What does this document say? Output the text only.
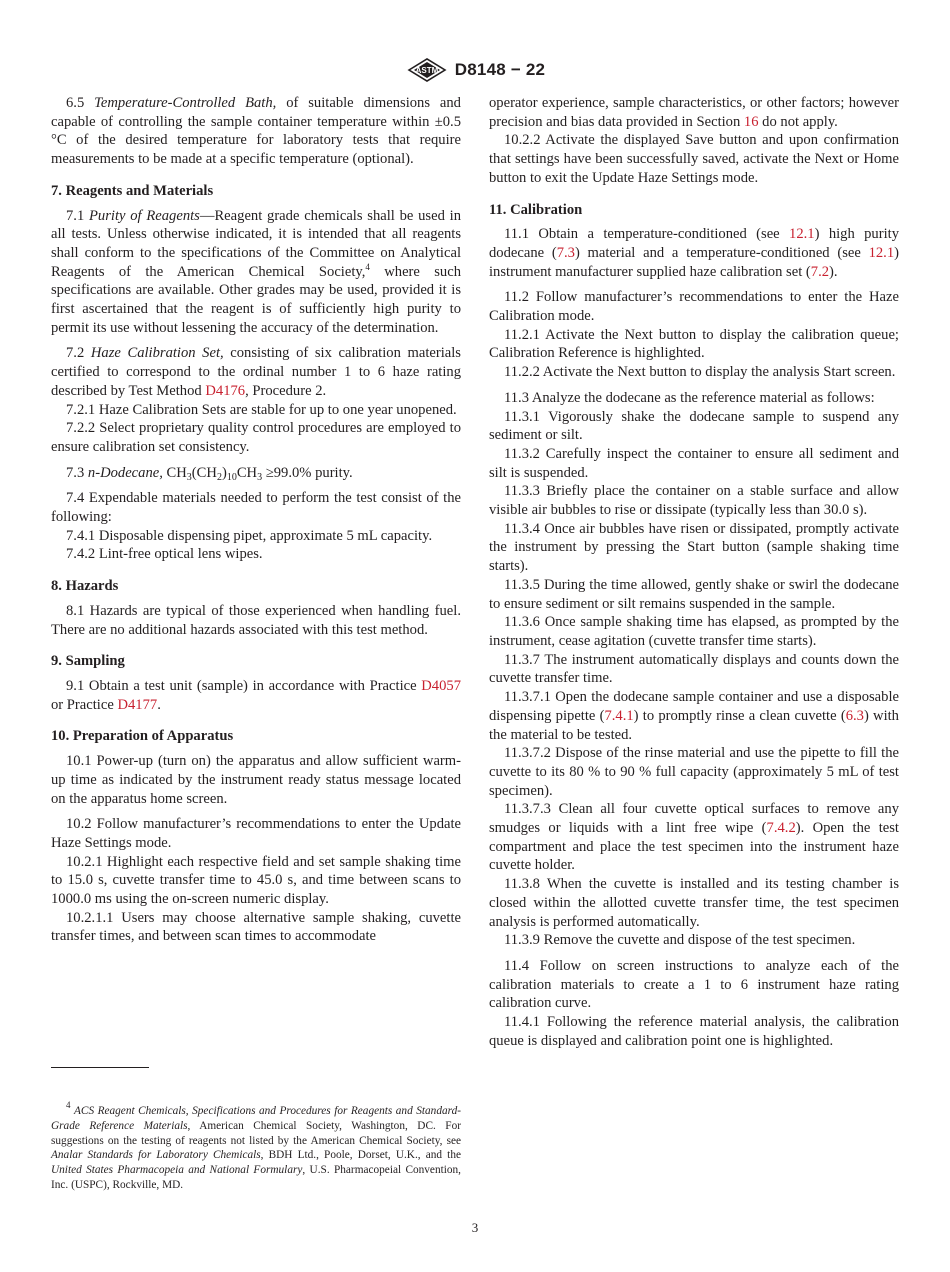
ASTM D8148 − 22

6.5 Temperature-Controlled Bath, of suitable dimensions and capable of controlling the sample container temperature within ±0.5 °C of the desired temperature for laboratory tests that require measurements to be made at a specific temperature (optional).

7. Reagents and Materials

7.1 Purity of Reagents—Reagent grade chemicals shall be used in all tests. Unless otherwise indicated, it is intended that all reagents shall conform to the specifications of the Committee on Analytical Reagents of the American Chemical Society,$^4$ where such specifications are available. Other grades may be used, provided it is first ascertained that the reagent is of sufficiently high purity to permit its use without lessening the accuracy of the determination.

7.2 Haze Calibration Set, consisting of six calibration materials certified to correspond to the ordinal number 1 to 6 haze rating described by Test Method D4176, Procedure 2.

7.2.1 Haze Calibration Sets are stable for up to one year unopened.

7.2.2 Select proprietary quality control procedures are employed to ensure calibration set consistency.

7.3 n-Dodecane, $CH_3(CH_2)_{10}CH_3 \ge 99.0\%$ purity.

7.4 Expendable materials needed to perform the test consist of the following:

7.4.1 Disposable dispensing pipet, approximate 5 mL capacity.

7.4.2 Lint-free optical lens wipes.

8. Hazards

8.1 Hazards are typical of those experienced when handling fuel. There are no additional hazards associated with this test method.

9. Sampling

9.1 Obtain a test unit (sample) in accordance with Practice D4057 or Practice D4177.

10. Preparation of Apparatus

10.1 Power-up (turn on) the apparatus and allow sufficient warm-up time as indicated by the instrument ready status message located on the apparatus home screen.

10.2 Follow manufacturer’s recommendations to enter the Update Haze Settings mode.

10.2.1 Highlight each respective field and set sample shaking time to 15.0 s, cuvette transfer time to 45.0 s, and time between scans to 1000.0 ms using the on-screen numeric display.

10.2.1.1 Users may choose alternative sample shaking, cuvette transfer times, and between scan times to accommodate

operator experience, sample characteristics, or other factors; however precision and bias data provided in Section 16 do not apply.

10.2.2 Activate the displayed Save button and upon confirmation that settings have been successfully saved, activate the Next or Home button to exit the Update Haze Settings mode.

11. Calibration

11.1 Obtain a temperature-conditioned (see 12.1) high purity dodecane (7.3) material and a temperature-conditioned (see 12.1) instrument manufacturer supplied haze calibration set (7.2).

11.2 Follow manufacturer’s recommendations to enter the Haze Calibration mode.

11.2.1 Activate the Next button to display the calibration queue; Calibration Reference is highlighted.

11.2.2 Activate the Next button to display the analysis Start screen.

11.3 Analyze the dodecane as the reference material as follows:

11.3.1 Vigorously shake the dodecane sample to suspend any sediment or silt.

11.3.2 Carefully inspect the container to ensure all sediment and silt is suspended.

11.3.3 Briefly place the container on a stable surface and allow visible air bubbles to rise or dissipate (typically less than 30.0 s).

11.3.4 Once air bubbles have risen or dissipated, promptly activate the instrument by pressing the Start button (sample shaking time starts).

11.3.5 During the time allowed, gently shake or swirl the dodecane to ensure sediment or silt remains suspended in the sample.

11.3.6 Once sample shaking time has elapsed, as prompted by the instrument, cease agitation (cuvette transfer time starts).

11.3.7 The instrument automatically displays and counts down the cuvette transfer time.

11.3.7.1 Open the dodecane sample container and use a disposable dispensing pipette (7.4.1) to promptly rinse a clean cuvette (6.3) with the material to be tested.

11.3.7.2 Dispose of the rinse material and use the pipette to fill the cuvette to its 80 % to 90 % full capacity (approximately 5 mL of test specimen).

11.3.7.3 Clean all four cuvette optical surfaces to remove any smudges or liquids with a lint free wipe (7.4.2). Open the test compartment and place the test specimen into the instrument haze cuvette holder.

11.3.8 When the cuvette is installed and its testing chamber is closed within the allotted cuvette transfer time, the test specimen analysis is performed automatically.

11.3.9 Remove the cuvette and dispose of the test specimen.

11.4 Follow on screen instructions to analyze each of the calibration materials to create a 1 to 6 instrument haze rating calibration curve.

11.4.1 Following the reference material analysis, the calibration queue is displayed and calibration point one is highlighted.

$^4$ ACS Reagent Chemicals, Specifications and Procedures for Reagents and Standard-Grade Reference Materials, American Chemical Society, Washington, DC. For suggestions on the testing of reagents not listed by the American Chemical Society, see Analar Standards for Laboratory Chemicals, BDH Ltd., Poole, Dorset, U.K., and the United States Pharmacopeia and National Formulary, U.S. Pharmacopeial Convention, Inc. (USPC), Rockville, MD.

3
